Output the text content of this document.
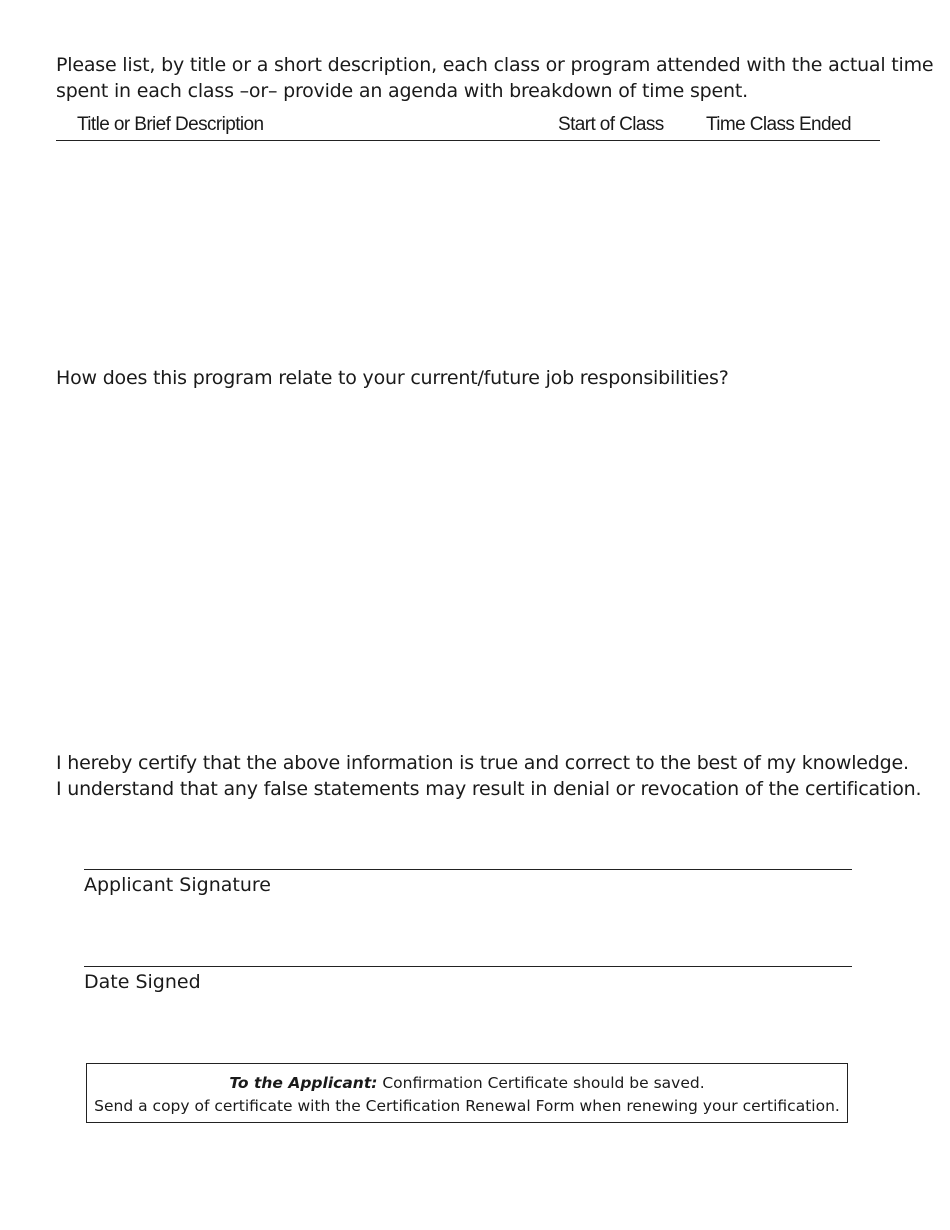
Please list, by title or a short description, each class or program attended with the actual time
spent in each class –or– provide an agenda with breakdown of time spent.
Title or Brief Description	Start of Class Time Class Ended
How does this program relate to your current/future job responsibilities?
I hereby certify that the above information is true and correct to the best of my knowledge.
I understand that any false statements may result in denial or revocation of the certification.
Applicant Signature
Date Signed
To the Applicant: Confirmation Certificate should be saved.
Send a copy of certificate with the Certification Renewal Form when renewing your certification.
